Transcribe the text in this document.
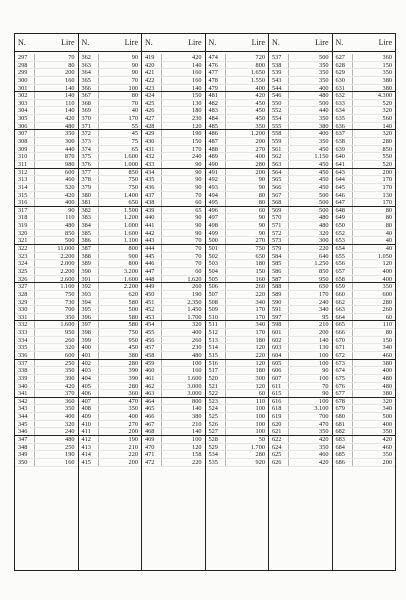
N.	Lire
297	70
298	80
299	200
300	160
301	140
302	140
303	110
304	140
305	420
306	480
307	350
308	300
309	440
310	870
311	980
312	600
313	460
314	520
315	420
316	400
317	90
318	110
319	480
320	850
321	500
322	11.000
323	2.200
324	2.000
325	2.200
326	2.600
327	1.100
328	750
329	730
330	700
331	350
332	1.600
333	950
334	260
335	320
336	600
337	250
338	350
339	390
340	420
341	370
342	360
343	350
344	400
345	320
346	240
347	480
348	250
349	190
350	160
N.	Lire
362	90
363	90
364	90
365	70
366	100
367	80
368	70
369	40
370	170
371	55
372	45
373	75
374	65
375	1.600
376	1.000
377	850
378	750
379	750
380	1.400
381	650
382	1.500
383	1.200
384	1.000
385	1.600
386	1.100
387	800
388	900
389	800
390	3.200
391	1.600
392	2.200
393	620
394	580
395	500
396	580
397	580
398	750
399	950
400	450
401	380
402	280
403	390
404	390
405	280
406	360
407	470
408	350
409	400
410	270
411	200
412	190
413	210
414	220
415	200
N.	Lire
419	420
420	140
421	160
422	160
423	140
424	150
425	130
426	180
427	230
428	120
429	190
430	150
431	170
432	240
433	90
434	90
435	90
436	90
437	70
438	60
439	65
440	90
441	90
442	90
443	70
444	70
445	70
446	70
447	60
448	1.620
449	260
450	190
451	2.350
452	1.450
453	1.700
454	320
455	400
456	260
457	230
458	480
459	100
460	160
461	1.600
462	3.000
463	3.000
464	800
465	140
466	380
467	210
468	140
469	100
470	120
471	158
472	220
N.	Lire
474	720
476	800
477	1.650
478	1.550
479	400
481	420
482	450
483	450
484	450
485	350
486	1.200
487	200
488	270
489	400
490	280
491	200
492	90
493	90
494	80
495	80
496	60
497	90
498	90
499	90
500	270
501	750
502	650
503	180
504	150
505	160
506	260
507	220
508	340
509	170
510	170
511	340
512	170
513	180
514	120
515	220
516	120
517	180
520	300
521	120
522	60
523	110
524	100
525	100
526	100
527	100
528	50
529	1.700
534	280
535	920
N.	Lire
537	500
538	350
539	350
543	350
544	400
546	480
550	500
552	440
554	350
555	380
558	400
559	350
561	450
562	1.150
563	450
564	450
565	450
566	450
567	500
568	500
569	500
570	480
571	480
572	320
573	300
579	220
584	640
585	1.250
586	850
587	950
588	650
589	170
590	240
591	340
597	95
598	210
601	200
602	140
603	130
604	100
605	100
606	90
607	100
611	70
615	90
616	100
618	3.100
619	700
620	470
621	350
622	420
624	350
625	460
626	420
N.	Lire
627	360
628	150
629	350
630	380
631	380
632	4.300
633	520
634	320
635	560
636	140
637	320
638	280
639	850
640	550
641	520
643	200
644	170
645	170
646	130
647	170
648	80
649	80
650	80
652	40
653	40
654	40
655	1.050
656	120
657	400
658	400
659	350
660	600
662	280
663	260
664	60
665	110
666	80
670	150
671	340
672	460
673	380
674	400
675	480
676	480
677	380
678	320
679	340
680	500
681	400
682	350
683	420
684	460
685	350
686	200
